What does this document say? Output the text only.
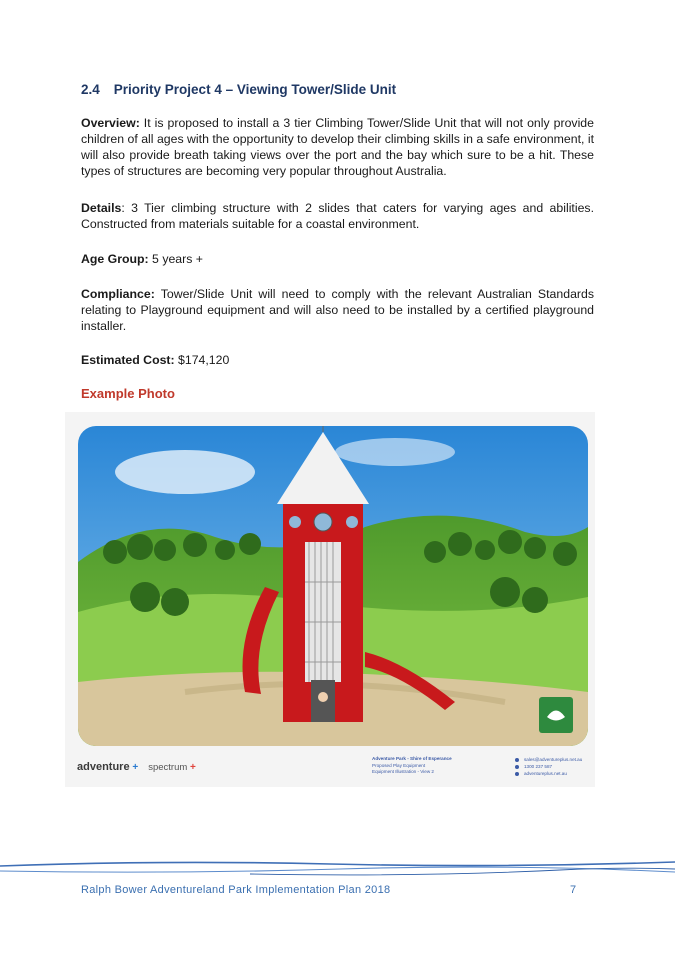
2.4 Priority Project 4 – Viewing Tower/Slide Unit
Overview: It is proposed to install a 3 tier Climbing Tower/Slide Unit that will not only provide children of all ages with the opportunity to develop their climbing skills in a safe environment, it will also provide breath taking views over the port and the bay which sure to be a hit. These types of structures are becoming very popular throughout Australia.
Details: 3 Tier climbing structure with 2 slides that caters for varying ages and abilities. Constructed from materials suitable for a coastal environment.
Age Group: 5 years +
Compliance: Tower/Slide Unit will need to comply with the relevant Australian Standards relating to Playground equipment and will also need to be installed by a certified playground installer.
Estimated Cost: $174,120
Example Photo
adventure + spectrum +
Adventure Park - Shire of Esperance
Proposed Play Equipment
Equipment Illustration - View 2
sales@adventureplus.net.au
1300 237 587
adventureplus.net.au
Ralph Bower Adventureland Park Implementation Plan 2018	7
